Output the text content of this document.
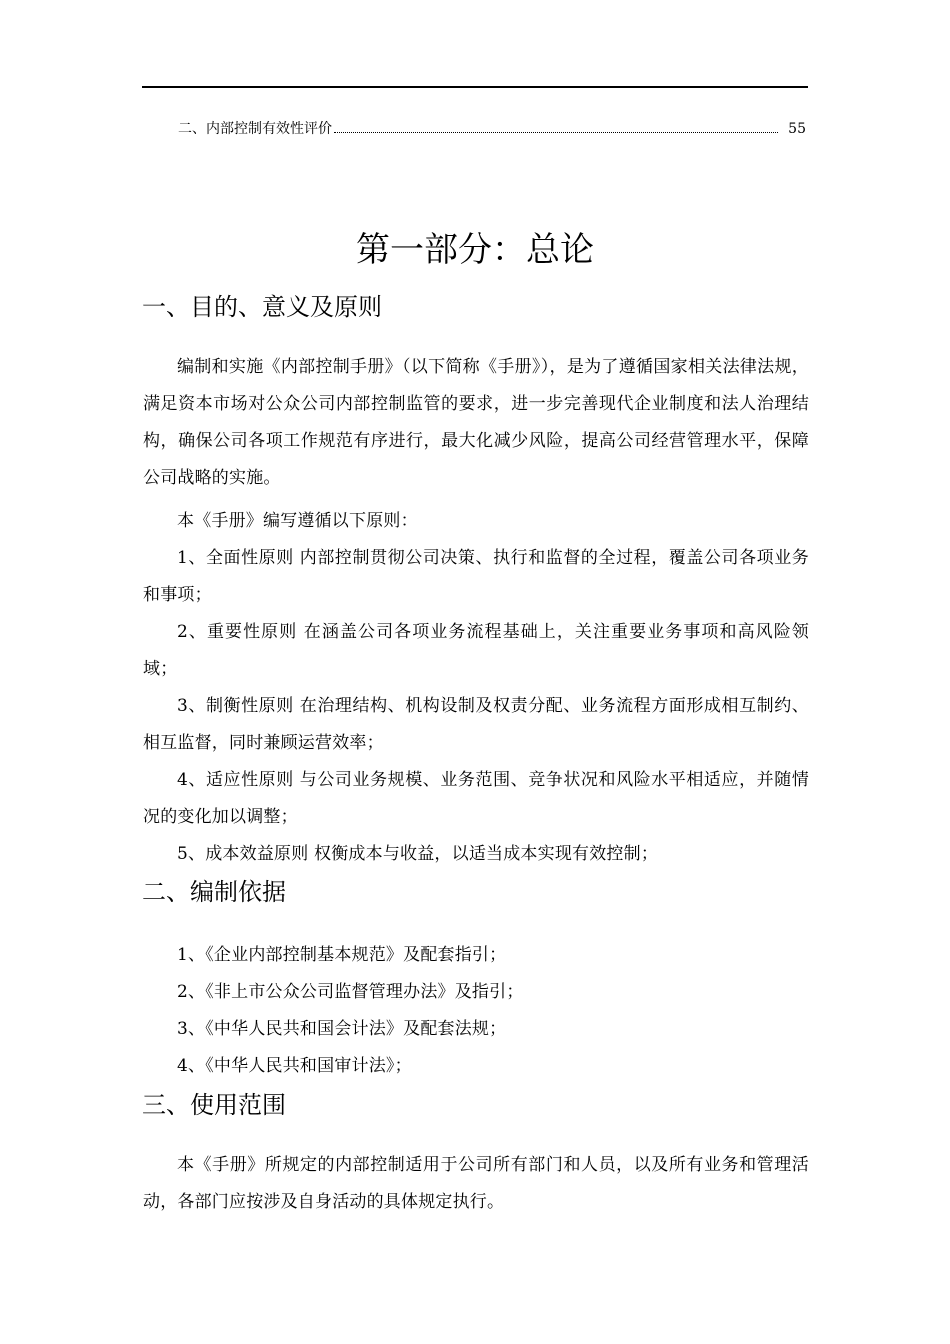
二、内部控制有效性评价	55
第一部分：总论
一、目的、意义及原则

编制和实施《内部控制手册》（以下简称《手册》），是为了遵循国家相关法律法规，满足资本市场对公众公司内部控制监管的要求，进一步完善现代企业制度和法人治理结构，确保公司各项工作规范有序进行，最大化减少风险，提高公司经营管理水平，保障公司战略的实施。

本《手册》编写遵循以下原则：

1、全面性原则 内部控制贯彻公司决策、执行和监督的全过程，覆盖公司各项业务和事项；

2、重要性原则 在涵盖公司各项业务流程基础上，关注重要业务事项和高风险领域；

3、制衡性原则 在治理结构、机构设制及权责分配、业务流程方面形成相互制约、相互监督，同时兼顾运营效率；

4、适应性原则 与公司业务规模、业务范围、竞争状况和风险水平相适应，并随情况的变化加以调整；

5、成本效益原则 权衡成本与收益，以适当成本实现有效控制；

二、编制依据

1、《企业内部控制基本规范》及配套指引；

2、《非上市公众公司监督管理办法》及指引；

3、《中华人民共和国会计法》及配套法规；

4、《中华人民共和国审计法》；

三、使用范围

本《手册》所规定的内部控制适用于公司所有部门和人员，以及所有业务和管理活动，各部门应按涉及自身活动的具体规定执行。
